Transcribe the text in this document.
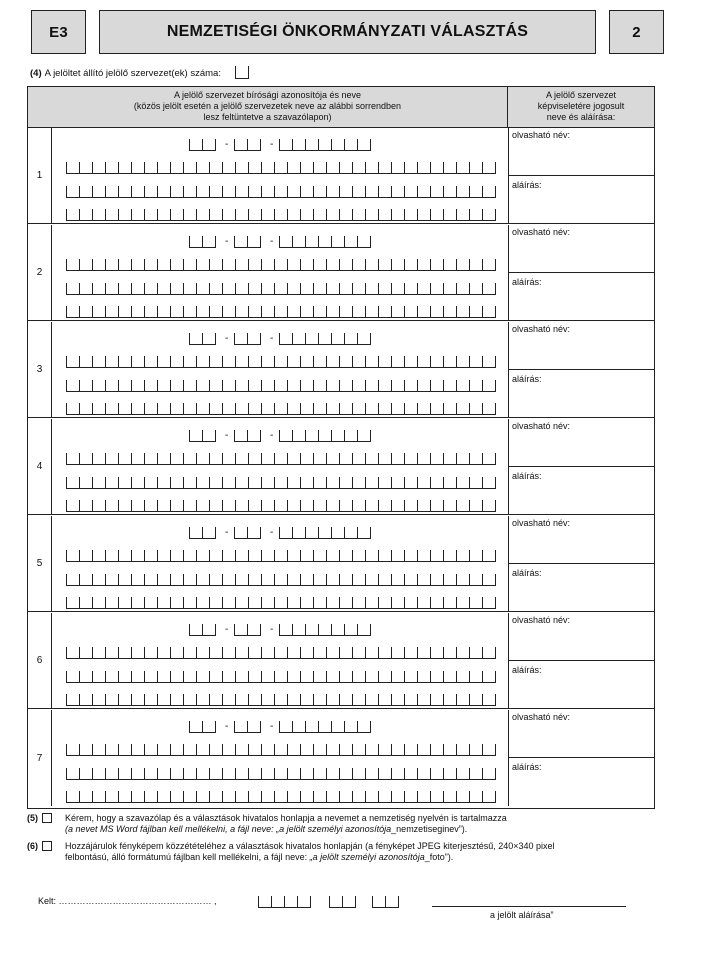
E3	NEMZETISÉGI ÖNKORMÁNYZATI VÁLASZTÁS	2
(4) A jelöltet állító jelölő szervezet(ek) száma:
A jelölő szervezet bírósági azonosítója és neve
(közös jelölt esetén a jelölő szervezetek neve az alábbi sorrendben
lesz feltüntetve a szavazólapon)
A jelölő szervezet
képviseletére jogosult
neve és aláírása:
1
-	-
olvasható név:
aláírás:
2
-	-
olvasható név:
aláírás:
3
-	-
olvasható név:
aláírás:
4
-	-
olvasható név:
aláírás:
5
-	-
olvasható név:
aláírás:
6
-	-
olvasható név:
aláírás:
7
-	-
olvasható név:
aláírás:
(5)	Kérem, hogy a szavazólap és a választások hivatalos honlapja a nevemet a nemzetiség nyelvén is tartalmazza
(a nevet MS Word fájlban kell mellékelni, a fájl neve: „a jelölt személyi azonosítója_nemzetiseginev”).
(6)	Hozzájárulok fényképem közzétételéhez a választások hivatalos honlapján (a fényképet JPEG kiterjesztésű, 240×340 pixel
felbontású, álló formátumú fájlban kell mellékelni, a fájl neve: „a jelölt személyi azonosítója_foto”).
Kelt: …………………………………………… ,
a jelölt aláírása”
